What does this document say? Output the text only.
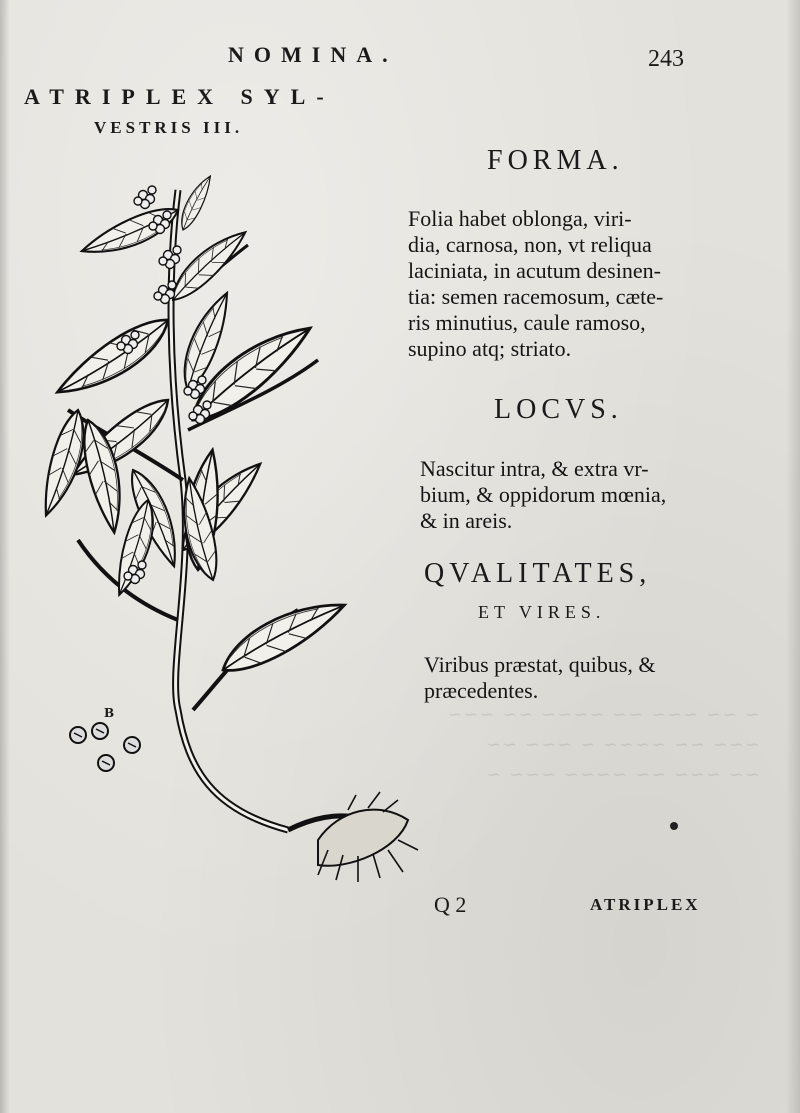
~ ~~ ~~~ ~~ ~~~~ ~~ ~~~
~~~ ~~ ~~~~ ~ ~~~ ~~
~~ ~~~ ~~ ~~~~ ~~~ ~
NOMINA.	243
ATRIPLEX SYL-
VESTRIS III.
B
FORMA.
Folia habet oblonga, viri-
dia, carnosa, non, vt reliqua
laciniata, in acutum desinen-
tia: semen racemosum, cæte-
ris minutius, caule ramoso,
supino atq; striato.
LOCVS.
Nascitur intra, & extra vr-
bium, & oppidorum mœnia,
& in areis.
QVALITATES,
ET VIRES.
Viribus præstat, quibus, &
præcedentes.
Q 2	ATRIPLEX
